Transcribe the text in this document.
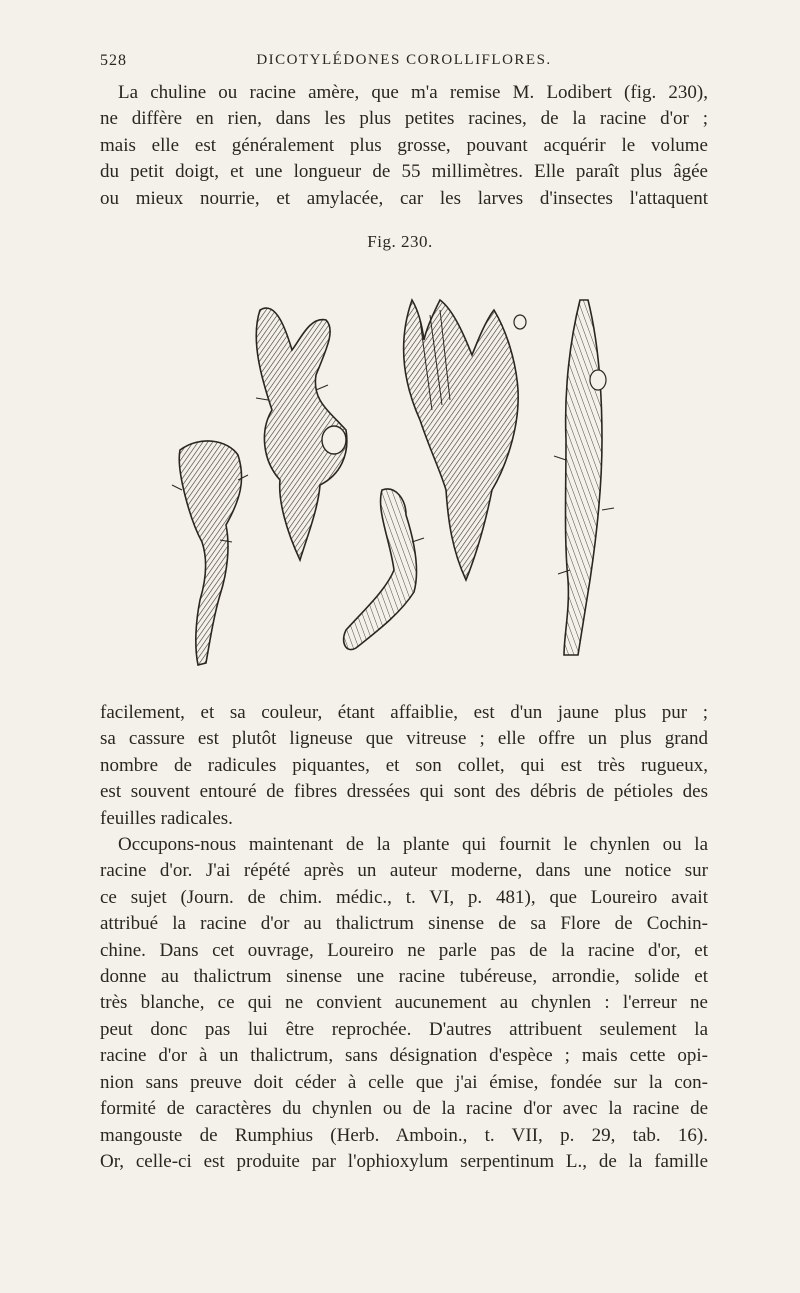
528	DICOTYLÉDONES COROLLIFLORES.
La chuline ou racine amère, que m'a remise M. Lodibert (fig. 230),
ne diffère en rien, dans les plus petites racines, de la racine d'or ;
mais elle est généralement plus grosse, pouvant acquérir le volume
du petit doigt, et une longueur de 55 millimètres. Elle paraît plus âgée
ou mieux nourrie, et amylacée, car les larves d'insectes l'attaquent
Fig. 230.
facilement, et sa couleur, étant affaiblie, est d'un jaune plus pur ;
sa cassure est plutôt ligneuse que vitreuse ; elle offre un plus grand
nombre de radicules piquantes, et son collet, qui est très rugueux,
est souvent entouré de fibres dressées qui sont des débris de pétioles des
feuilles radicales.
Occupons-nous maintenant de la plante qui fournit le chynlen ou la
racine d'or. J'ai répété après un auteur moderne, dans une notice sur
ce sujet (Journ. de chim. médic., t. VI, p. 481), que Loureiro avait
attribué la racine d'or au thalictrum sinense de sa Flore de Cochin-
chine. Dans cet ouvrage, Loureiro ne parle pas de la racine d'or, et
donne au thalictrum sinense une racine tubéreuse, arrondie, solide et
très blanche, ce qui ne convient aucunement au chynlen : l'erreur ne
peut donc pas lui être reprochée. D'autres attribuent seulement la
racine d'or à un thalictrum, sans désignation d'espèce ; mais cette opi-
nion sans preuve doit céder à celle que j'ai émise, fondée sur la con-
formité de caractères du chynlen ou de la racine d'or avec la racine de
mangouste de Rumphius (Herb. Amboin., t. VII, p. 29, tab. 16).
Or, celle-ci est produite par l'ophioxylum serpentinum L., de la famille
